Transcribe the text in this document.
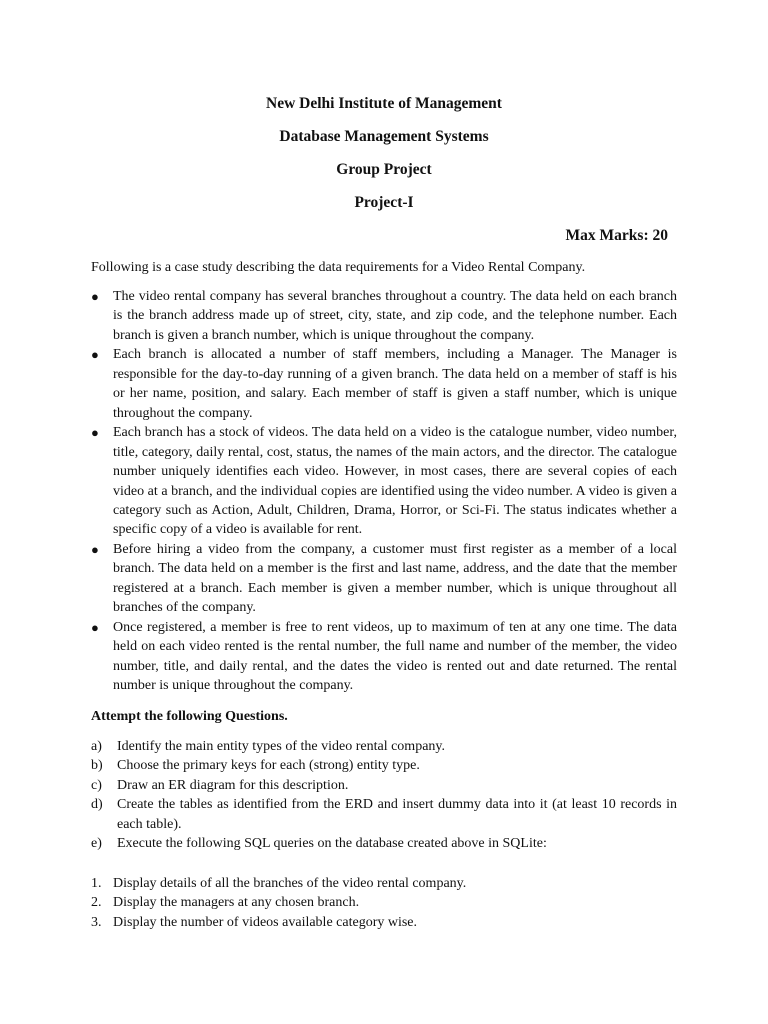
New Delhi Institute of Management
Database Management Systems
Group Project
Project-I
Max Marks: 20
Following is a case study describing the data requirements for a Video Rental Company.
● The video rental company has several branches throughout a country. The data held on each branch is the branch address made up of street, city, state, and zip code, and the telephone number. Each branch is given a branch number, which is unique throughout the company.
● Each branch is allocated a number of staff members, including a Manager. The Manager is responsible for the day-to-day running of a given branch. The data held on a member of staff is his or her name, position, and salary. Each member of staff is given a staff number, which is unique throughout the company.
● Each branch has a stock of videos. The data held on a video is the catalogue number, video number, title, category, daily rental, cost, status, the names of the main actors, and the director. The catalogue number uniquely identifies each video. However, in most cases, there are several copies of each video at a branch, and the individual copies are identified using the video number. A video is given a category such as Action, Adult, Children, Drama, Horror, or Sci-Fi. The status indicates whether a specific copy of a video is available for rent.
● Before hiring a video from the company, a customer must first register as a member of a local branch. The data held on a member is the first and last name, address, and the date that the member registered at a branch. Each member is given a member number, which is unique throughout all branches of the company.
● Once registered, a member is free to rent videos, up to maximum of ten at any one time. The data held on each video rented is the rental number, the full name and number of the member, the video number, title, and daily rental, and the dates the video is rented out and date returned. The rental number is unique throughout the company.
Attempt the following Questions.
a) Identify the main entity types of the video rental company.
b) Choose the primary keys for each (strong) entity type.
c) Draw an ER diagram for this description.
d) Create the tables as identified from the ERD and insert dummy data into it (at least 10 records in each table).
e) Execute the following SQL queries on the database created above in SQLite:
1. Display details of all the branches of the video rental company.
2. Display the managers at any chosen branch.
3. Display the number of videos available category wise.
